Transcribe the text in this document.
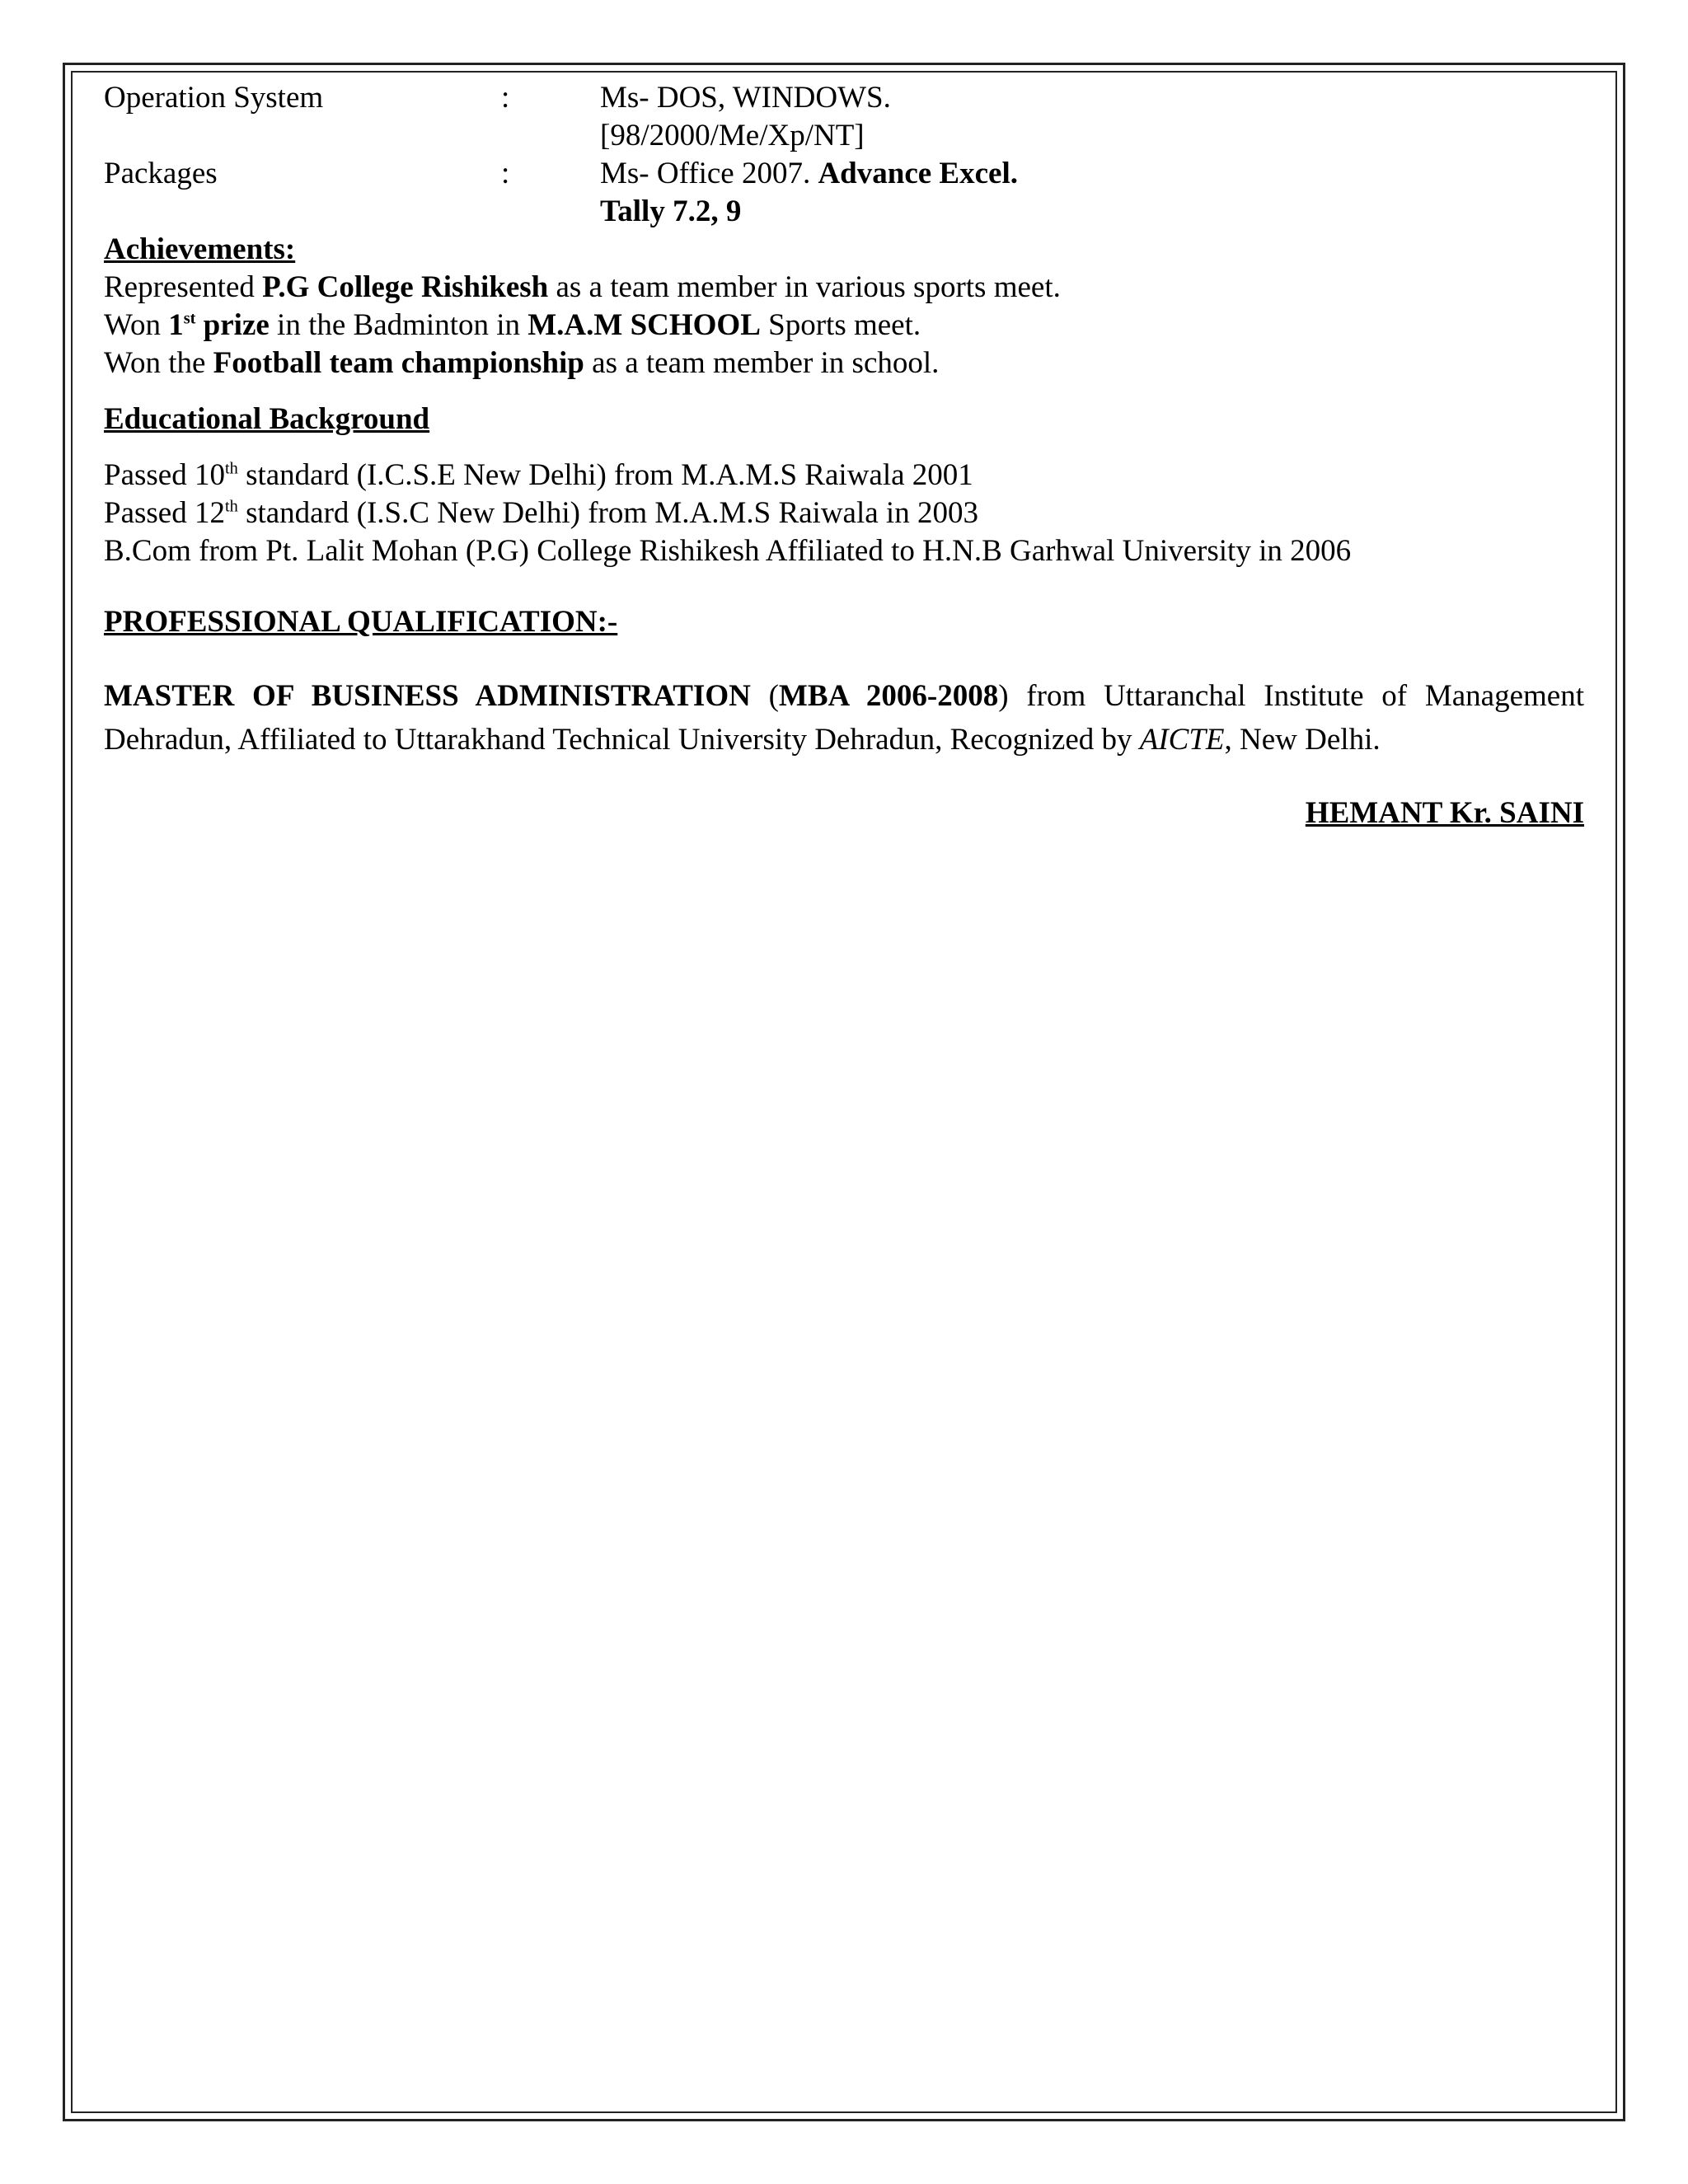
Operation System	:	Ms- DOS, WINDOWS.
[98/2000/Me/Xp/NT]
Packages	:	Ms- Office 2007. Advance Excel.
Tally 7.2, 9
Achievements:
Represented P.G College Rishikesh as a team member in various sports meet.
Won 1st prize in the Badminton in M.A.M SCHOOL Sports meet.
Won the Football team championship as a team member in school.
Educational Background
Passed 10th standard (I.C.S.E New Delhi) from M.A.M.S Raiwala 2001
Passed 12th standard (I.S.C New Delhi) from M.A.M.S Raiwala in 2003
B.Com from Pt. Lalit Mohan (P.G) College Rishikesh Affiliated to H.N.B Garhwal University in 2006
PROFESSIONAL QUALIFICATION:-
MASTER OF BUSINESS ADMINISTRATION (MBA 2006-2008) from Uttaranchal Institute of Management Dehradun, Affiliated to Uttarakhand Technical University Dehradun, Recognized by AICTE, New Delhi.
HEMANT Kr. SAINI
